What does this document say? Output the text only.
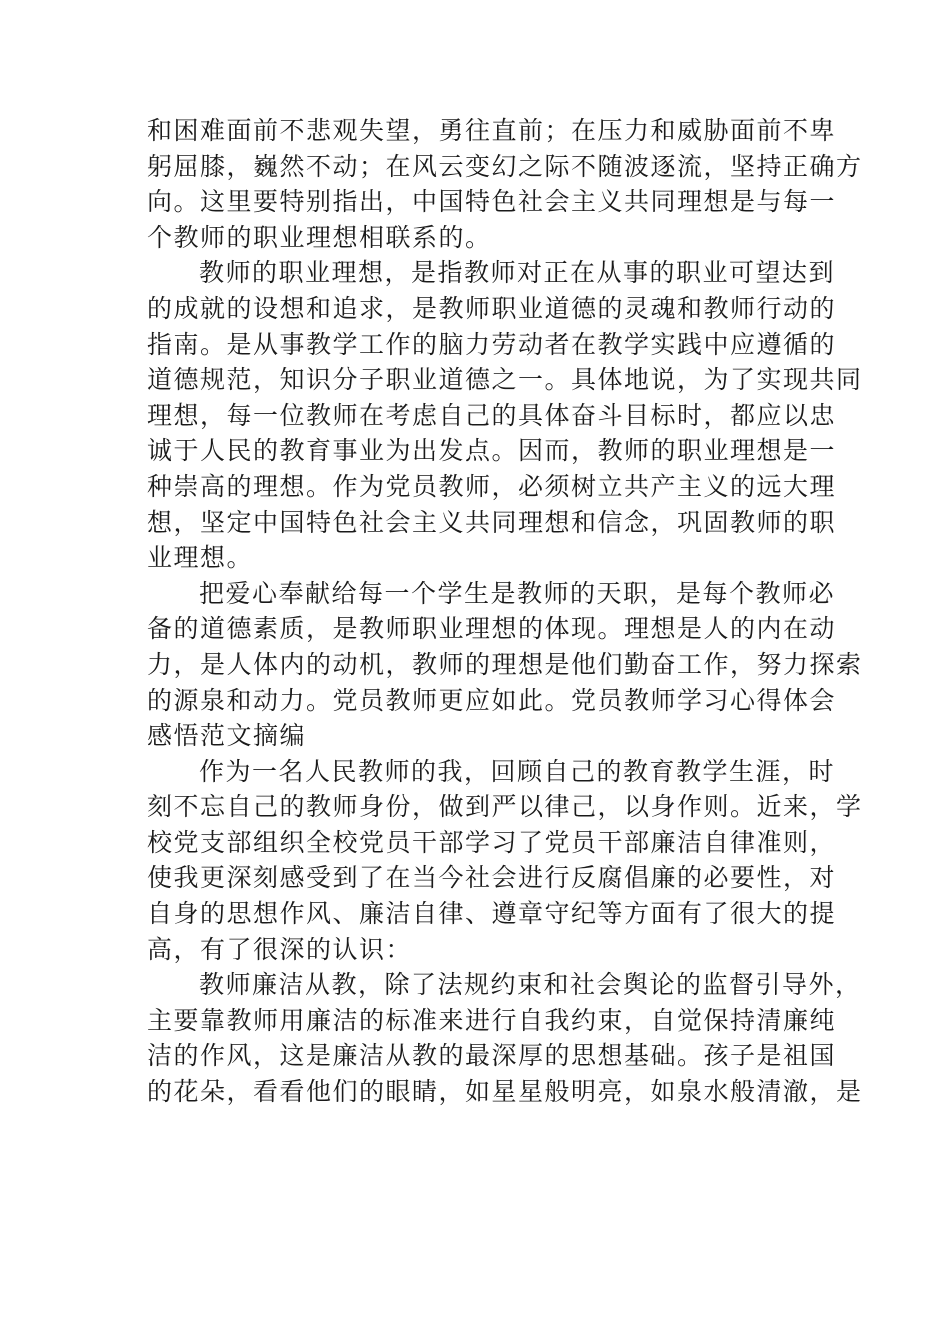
和困难面前不悲观失望，勇往直前；在压力和威胁面前不卑
躬屈膝，巍然不动；在风云变幻之际不随波逐流，坚持正确方
向。这里要特别指出，中国特色社会主义共同理想是与每一
个教师的职业理想相联系的。
教师的职业理想，是指教师对正在从事的职业可望达到
的成就的设想和追求，是教师职业道德的灵魂和教师行动的
指南。是从事教学工作的脑力劳动者在教学实践中应遵循的
道德规范，知识分子职业道德之一。具体地说，为了实现共同
理想，每一位教师在考虑自己的具体奋斗目标时，都应以忠
诚于人民的教育事业为出发点。因而，教师的职业理想是一
种崇高的理想。作为党员教师，必须树立共产主义的远大理
想，坚定中国特色社会主义共同理想和信念，巩固教师的职
业理想。
把爱心奉献给每一个学生是教师的天职，是每个教师必
备的道德素质，是教师职业理想的体现。理想是人的内在动
力，是人体内的动机，教师的理想是他们勤奋工作，努力探索
的源泉和动力。党员教师更应如此。党员教师学习心得体会
感悟范文摘编
作为一名人民教师的我，回顾自己的教育教学生涯，时
刻不忘自己的教师身份，做到严以律己，以身作则。近来，学
校党支部组织全校党员干部学习了党员干部廉洁自律准则，
使我更深刻感受到了在当今社会进行反腐倡廉的必要性，对
自身的思想作风、廉洁自律、遵章守纪等方面有了很大的提
高，有了很深的认识：
教师廉洁从教，除了法规约束和社会舆论的监督引导外，
主要靠教师用廉洁的标准来进行自我约束，自觉保持清廉纯
洁的作风，这是廉洁从教的最深厚的思想基础。孩子是祖国
的花朵，看看他们的眼睛，如星星般明亮，如泉水般清澈，是
